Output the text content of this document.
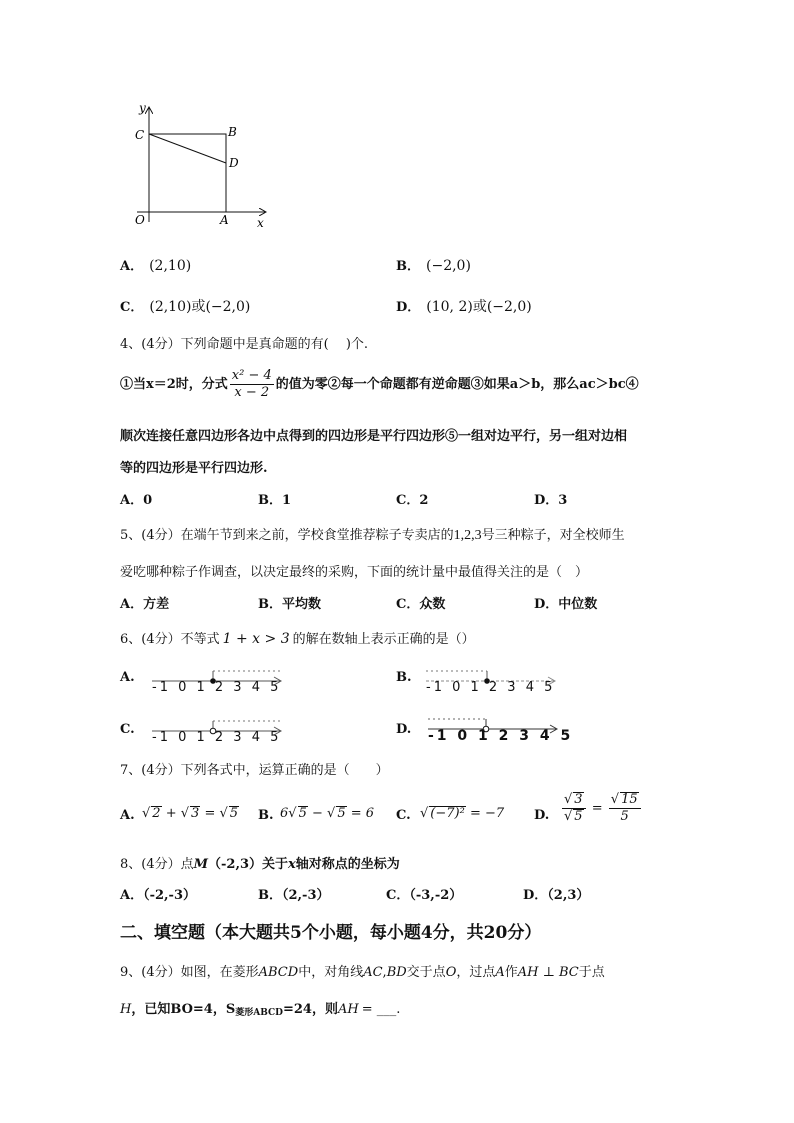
y
C	B
D
O	A x
A． (2,10)	B． (−2,0)
C． (2,10)或(−2,0)	D． (10, 2)或(−2,0)
4、(4分）下列命题中是真命题的有(　 )个.
①当x＝2时，分式 $\frac{\text{x² − 4}}{x - 2}$ 的值为零②每一个命题都有逆命题③如果a＞b，那么ac＞bc④
顺次连接任意四边形各边中点得到的四边形是平行四边形⑤一组对边平行，另一组对边相
等的四边形是平行四边形.
A．0	B．1	C．2	D．3
5、(4分）在端午节到来之前，学校食堂推荐粽子专卖店的1,2,3号三种粽子，对全校师生
爱吃哪种粽子作调查，以决定最终的采购，下面的统计量中最值得关注的是（　）
A．方差	B．平均数	C．众数	D．中位数
6、(4分）不等式 1 + x > 3 的解在数轴上表示正确的是（）
A.
-1 0 1 2 3 4 5
B.
-1 0 1 2 3 4 5
C.
-1 0 1 2 3 4 5
D. -1 0 1 2 3 4 5
7、(4分）下列各式中，运算正确的是（　　）
A. √ 2 + √ 3 = √ 5 B. 6√ 5 − √ 5 = 6 C. √ (−7)² = −7 D. $\frac{√ 3}{√ 5} = \frac{√ 15}{5}$
8、(4分）点M（-2,3）关于x轴对称点的坐标为
A．（-2,-3）	B．（2,-3）	C．（-3,-2）	D．（2,3）
二、填空题（本大题共5个小题，每小题4分，共20分）
9、(4分）如图，在菱形ABCD中，对角线AC,BD交于点O，过点A作AH ⊥ BC于点
H，已知BO=4，S菱形ABCD=24，则AH = ___.
